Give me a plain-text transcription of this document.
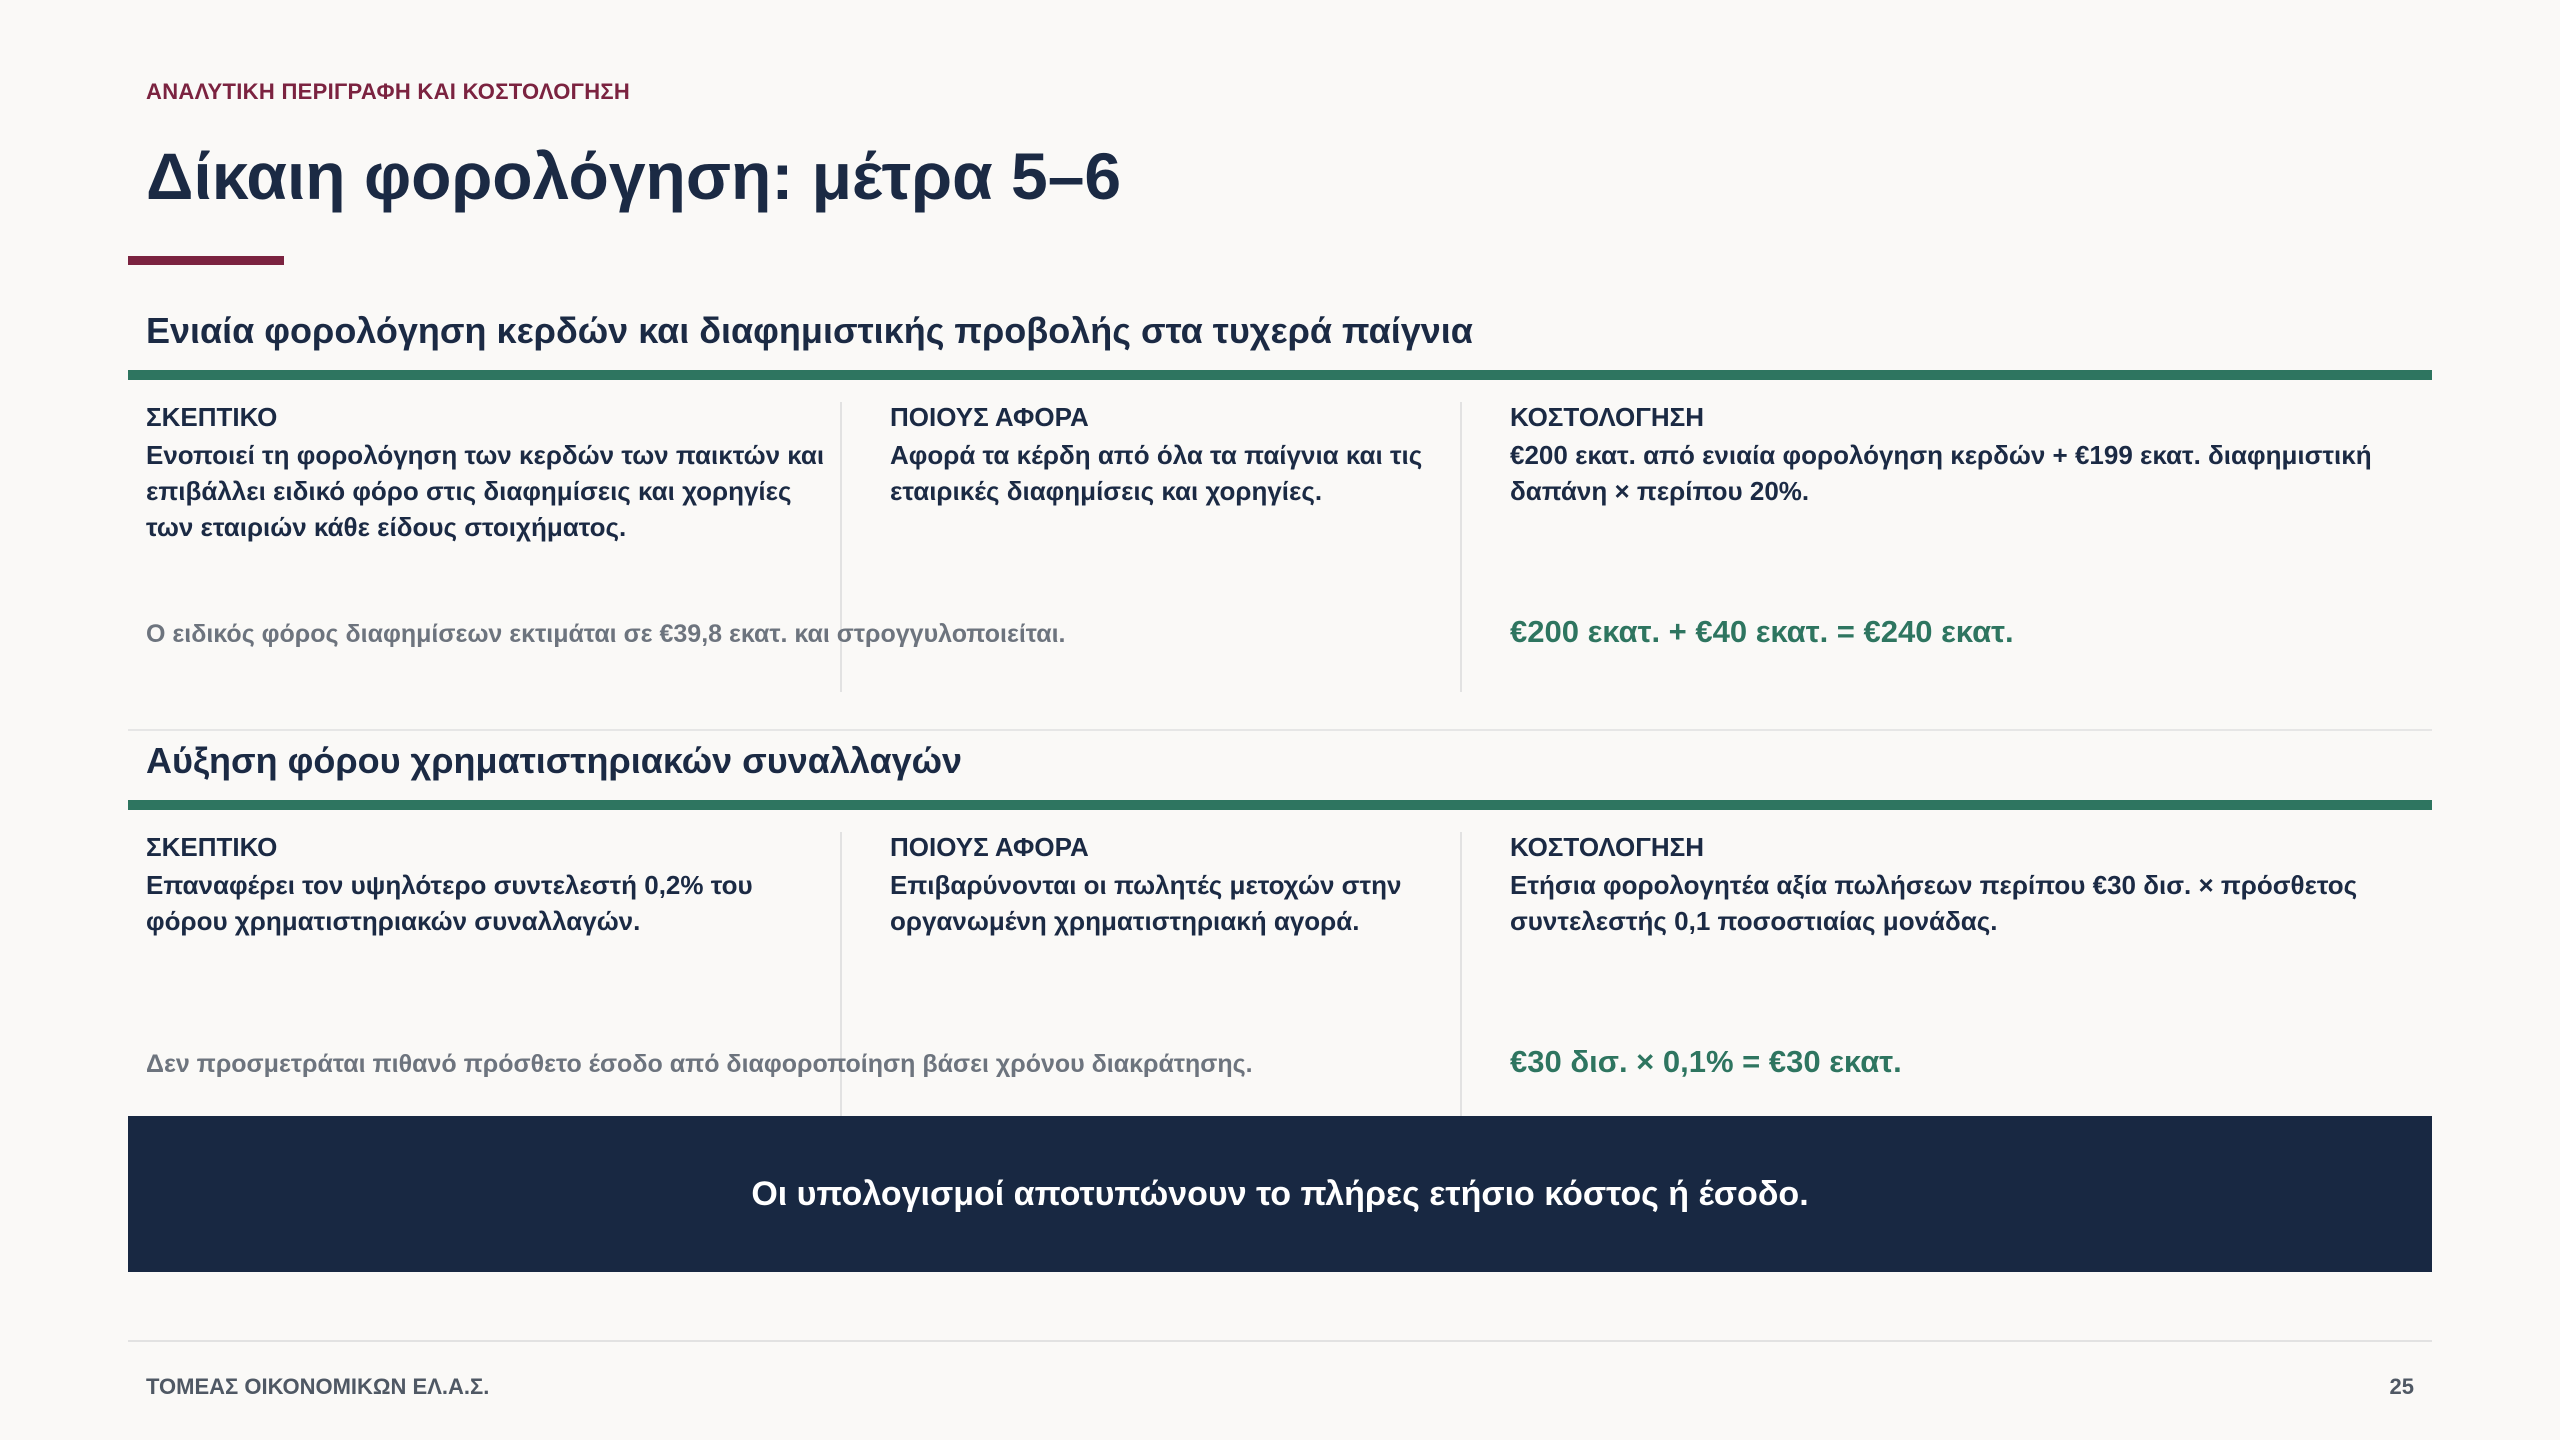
ΑΝΑΛΥΤΙΚΗ ΠΕΡΙΓΡΑΦΗ ΚΑΙ ΚΟΣΤΟΛΟΓΗΣΗ
Δίκαιη φορολόγηση: μέτρα 5–6
Ενιαία φορολόγηση κερδών και διαφημιστικής προβολής στα τυχερά παίγνια
ΣΚΕΠΤΙΚΟ
Ενοποιεί τη φορολόγηση των κερδών των παικτών και επιβάλλει ειδικό φόρο στις διαφημίσεις και χορηγίες των εταιριών κάθε είδους στοιχήματος.
ΠΟΙΟΥΣ ΑΦΟΡΑ
Αφορά τα κέρδη από όλα τα παίγνια και τις εταιρικές διαφημίσεις και χορηγίες.
ΚΟΣΤΟΛΟΓΗΣΗ
€200 εκατ. από ενιαία φορολόγηση κερδών + €199 εκατ. διαφημιστική δαπάνη × περίπου 20%.
Ο ειδικός φόρος διαφημίσεων εκτιμάται σε €39,8 εκατ. και στρογγυλοποιείται.	€200 εκατ. + €40 εκατ. = €240 εκατ.
Αύξηση φόρου χρηματιστηριακών συναλλαγών
ΣΚΕΠΤΙΚΟ
Επαναφέρει τον υψηλότερο συντελεστή 0,2% του φόρου χρηματιστηριακών συναλλαγών.
ΠΟΙΟΥΣ ΑΦΟΡΑ
Επιβαρύνονται οι πωλητές μετοχών στην οργανωμένη χρηματιστηριακή αγορά.
ΚΟΣΤΟΛΟΓΗΣΗ
Ετήσια φορολογητέα αξία πωλήσεων περίπου €30 δισ. × πρόσθετος συντελεστής 0,1 ποσοστιαίας μονάδας.
Δεν προσμετράται πιθανό πρόσθετο έσοδο από διαφοροποίηση βάσει χρόνου διακράτησης.	€30 δισ. × 0,1% = €30 εκατ.
Οι υπολογισμοί αποτυπώνουν το πλήρες ετήσιο κόστος ή έσοδο.
ΤΟΜΕΑΣ ΟΙΚΟΝΟΜΙΚΩΝ ΕΛ.Α.Σ.	25
